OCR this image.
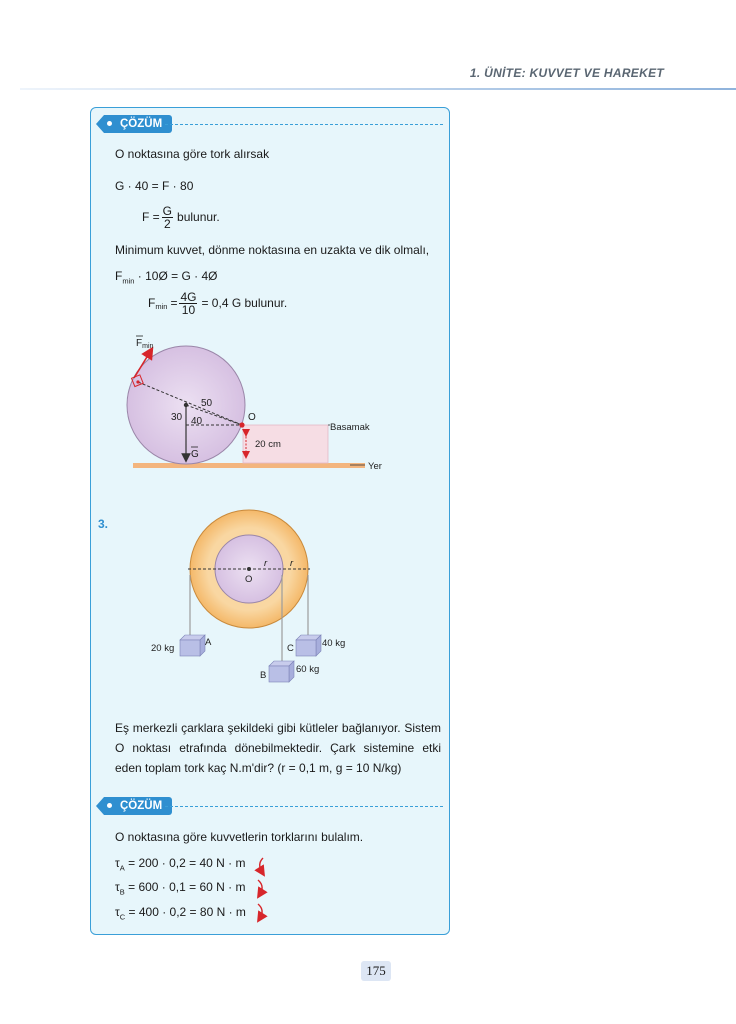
1. ÜNİTE: KUVVET VE HAREKET
ÇÖZÜM
O noktasına göre tork alırsak
G · 40 = F · 80
$F = \frac{G}{2}$ bulunur.
Minimum kuvvet, dönme noktasına en uzakta ve dik olmalı,
$F_{min}$ · 10Ø = G · 4Ø
$F_{min} = \frac{4G}{10} = 0,4$ G bulunur.
$F_{min}$
50
30 40	O
G
20 cm
Basamak
Yer
O
r r
20 kg
A
C	40 kg
B
60 kg
3.
Eş merkezli çarklara şekildeki gibi kütleler bağlanıyor. Sistem O noktası etrafında dönebilmektedir. Çark sistemine etki eden toplam tork kaç N.m'dir? (r = 0,1 m, g = 10 N/kg)
ÇÖZÜM
O noktasına göre kuvvetlerin torklarını bulalım.
$\tau_A = 200 \cdot 0,2 = 40$ N · m
$\tau_B = 600 \cdot 0,1 = 60$ N · m
$\tau_C = 400 \cdot 0,2 = 80$ N · m
175
